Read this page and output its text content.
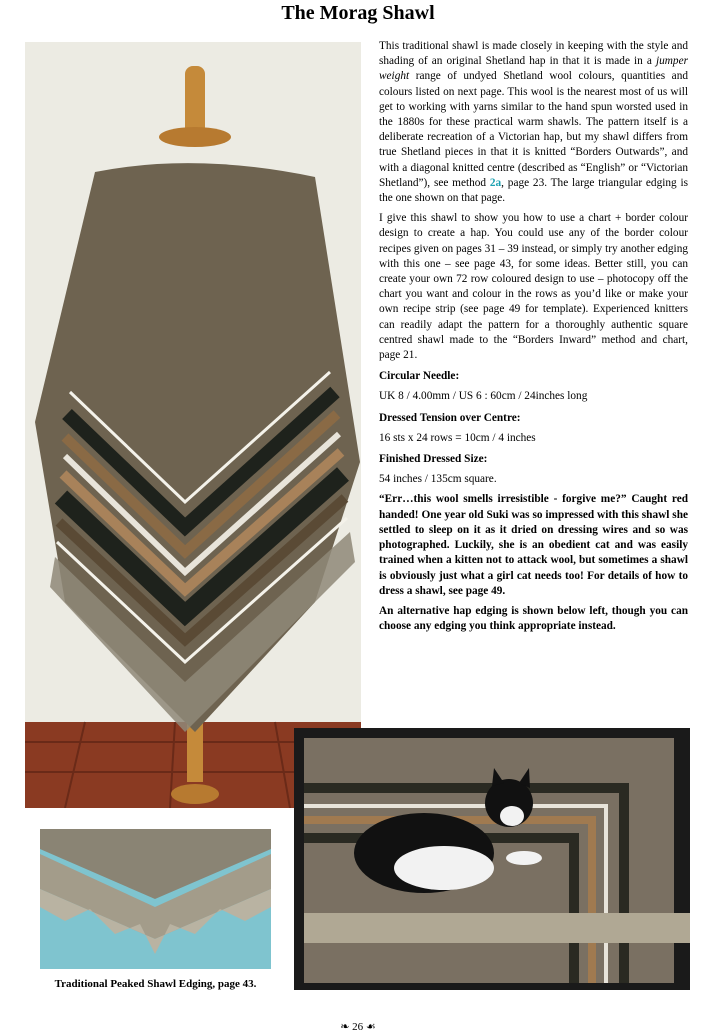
The Morag Shawl

This traditional shawl is made closely in keeping with the style and shading of an original Shetland hap in that it is made in a jumper weight range of undyed Shetland wool colours, quantities and colours listed on next page. This wool is the nearest most of us will get to working with yarns similar to the hand spun worsted used in the 1880s for these practical warm shawls. The pattern itself is a deliberate recreation of a Victorian hap, but my shawl differs from true Shetland pieces in that it is knitted “Borders Outwards”, and with a diagonal knitted centre (described as “English” or “Victorian Shetland”), see method 2a, page 23. The large triangular edging is the one shown on that page.

I give this shawl to show you how to use a chart + border colour design to create a hap. You could use any of the border colour recipes given on pages 31 – 39 instead, or simply try another edging with this one – see page 43, for some ideas. Better still, you can create your own 72 row coloured design to use – photocopy off the chart you want and colour in the rows as you’d like or make your own recipe strip (see page 49 for template). Experienced knitters can readily adapt the pattern for a thoroughly authentic square centred shawl made to the “Borders Inward” method and chart, page 21.

Circular Needle:

UK 8 / 4.00mm / US 6 : 60cm / 24inches long

Dressed Tension over Centre:

16 sts x 24 rows = 10cm / 4 inches

Finished Dressed Size:

54 inches / 135cm square.

“Err…this wool smells irresistible - forgive me?” Caught red handed! One year old Suki was so impressed with this shawl she settled to sleep on it as it dried on dressing wires and so was photographed. Luckily, she is an obedient cat and was easily trained when a kitten not to attack wool, but sometimes a shawl is obviously just what a girl cat needs too! For details of how to dress a shawl, see page 49.

An alternative hap edging is shown below left, though you can choose any edging you think appropriate instead.

Traditional Peaked Shawl Edging, page 43.
❧ 26 ☙
